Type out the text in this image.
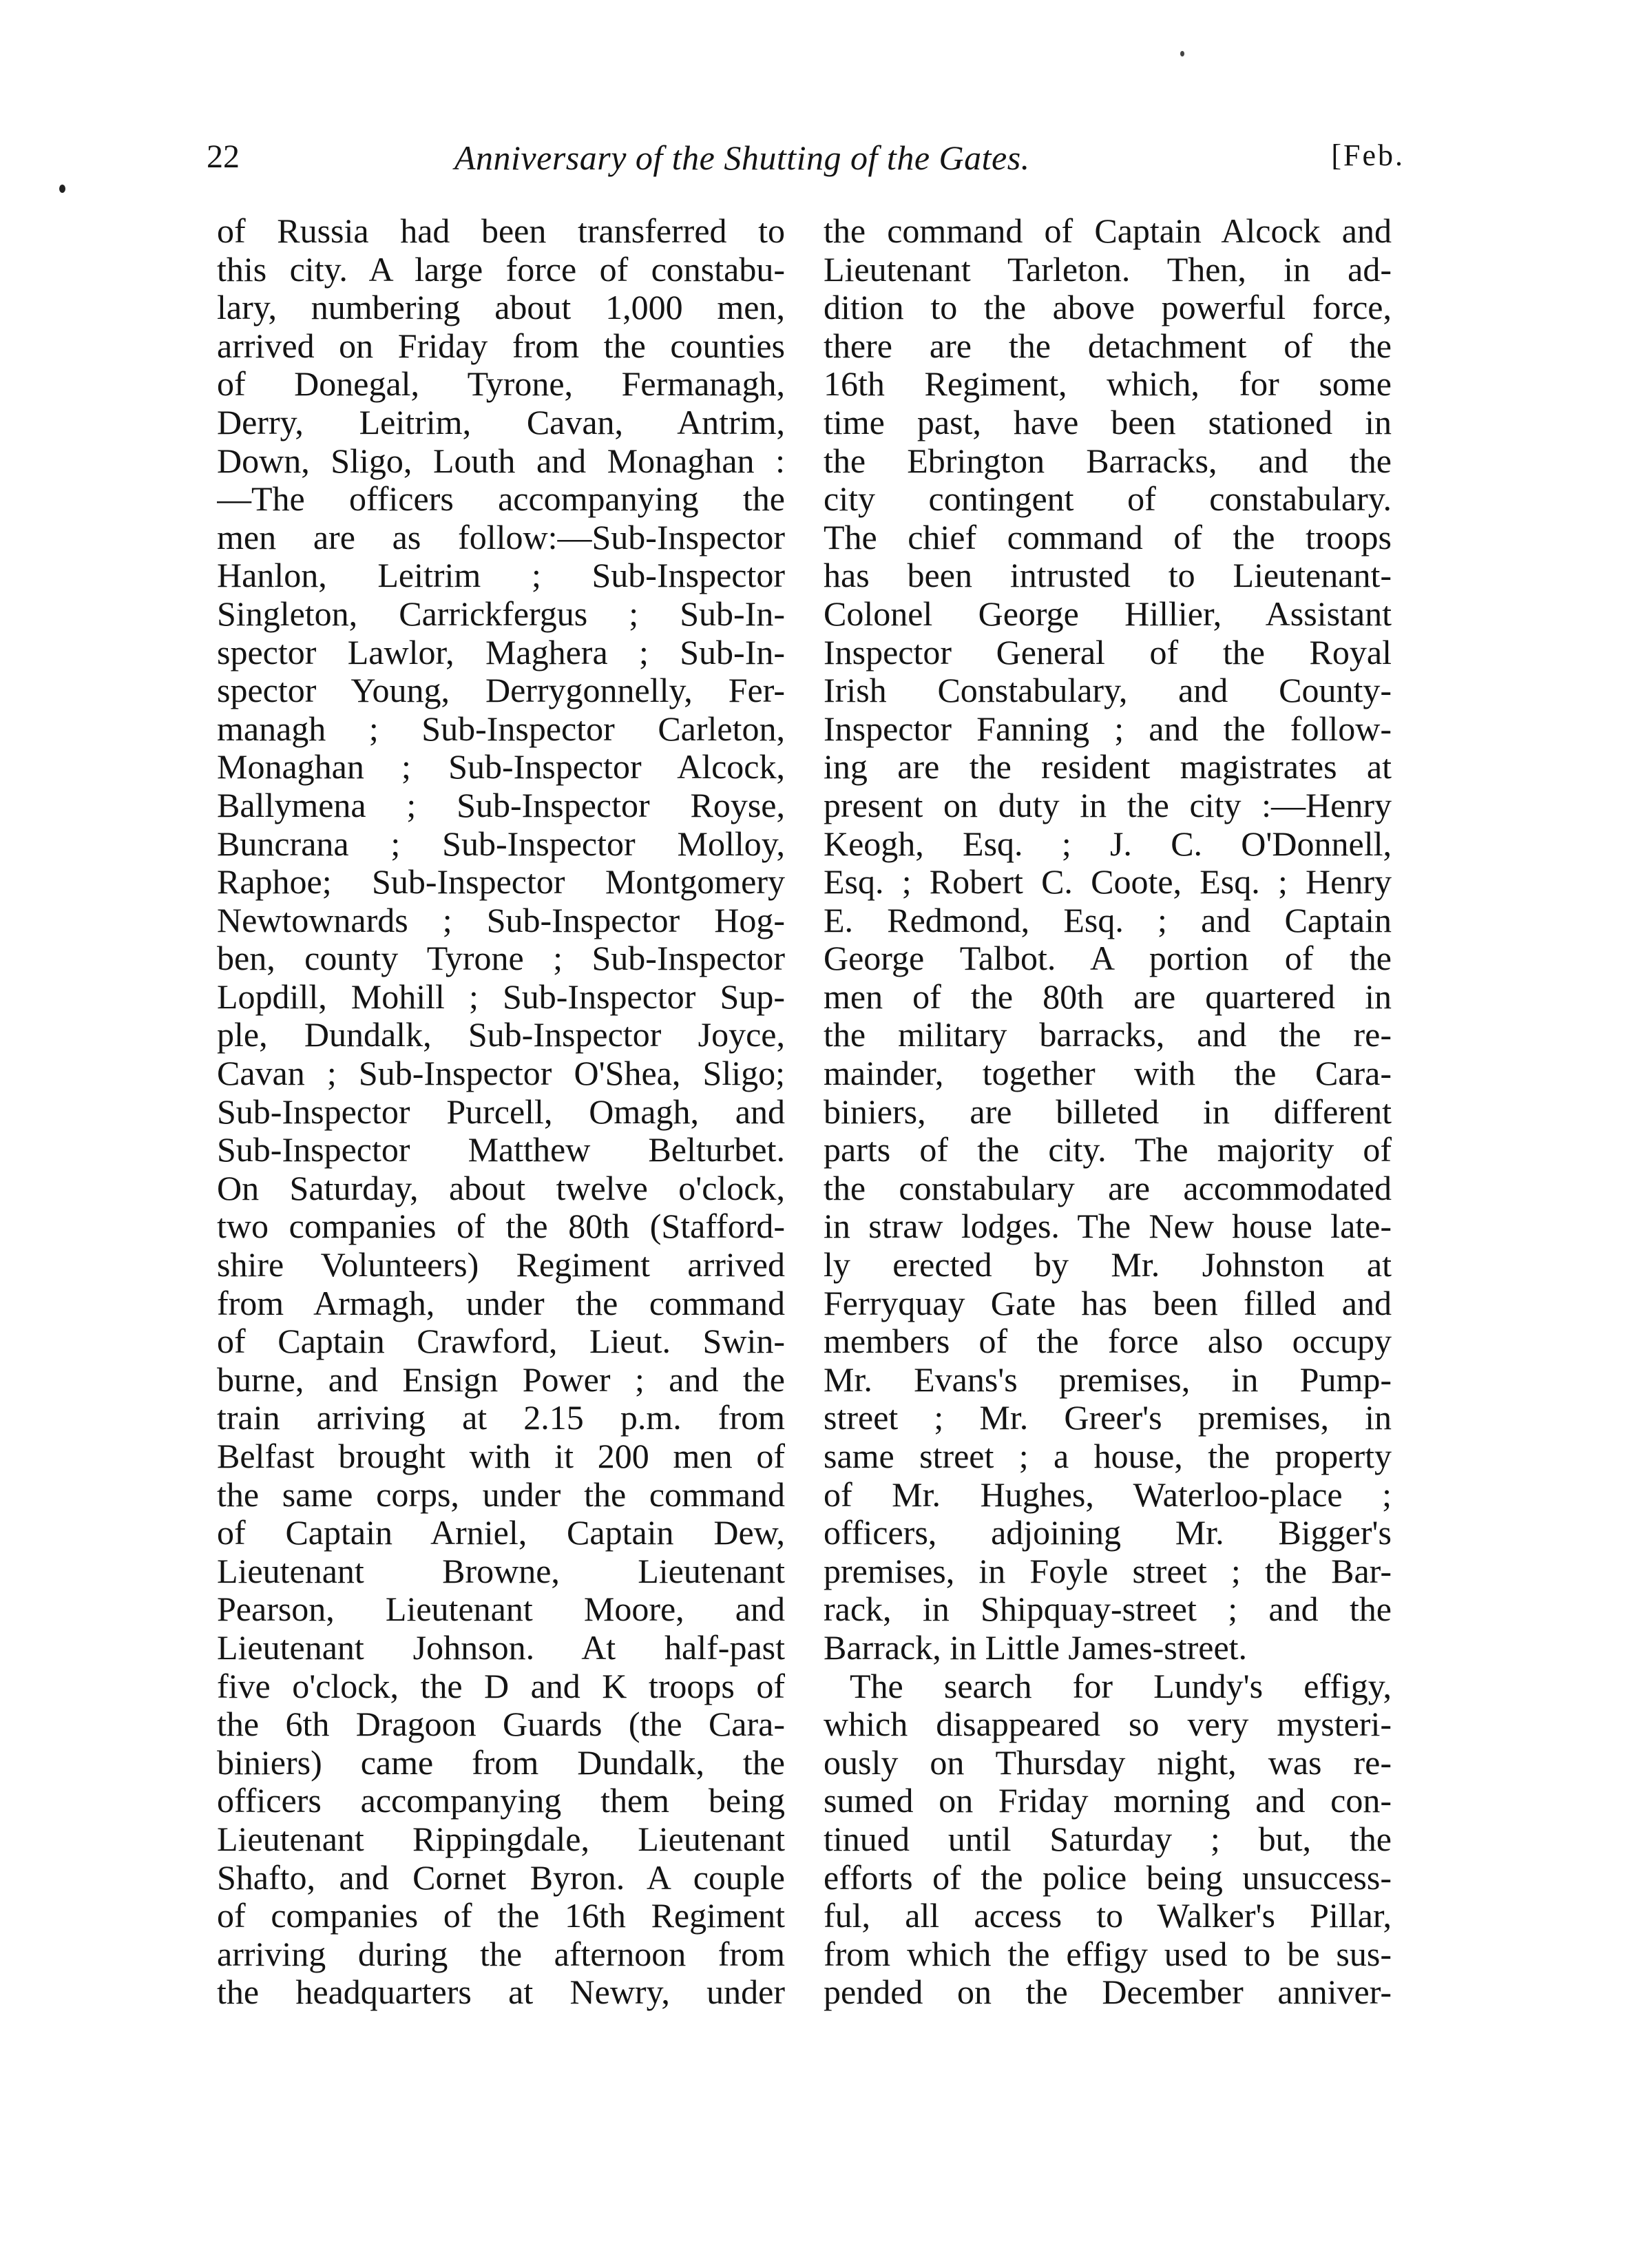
22	Anniversary of the Shutting of the Gates.	[Feb.
of Russia had been transferred to
this city. A large force of constabu-
lary, numbering about 1,000 men,
arrived on Friday from the counties
of Donegal, Tyrone, Fermanagh,
Derry, Leitrim, Cavan, Antrim,
Down, Sligo, Louth and Monaghan :
—The officers accompanying the
men are as follow:—Sub-Inspector
Hanlon, Leitrim ; Sub-Inspector
Singleton, Carrickfergus ; Sub-In-
spector Lawlor, Maghera ; Sub-In-
spector Young, Derrygonnelly, Fer-
managh ; Sub-Inspector Carleton,
Monaghan ; Sub-Inspector Alcock,
Ballymena ; Sub-Inspector Royse,
Buncrana ; Sub-Inspector Molloy,
Raphoe; Sub-Inspector Montgomery
Newtownards ; Sub-Inspector Hog-
ben, county Tyrone ; Sub-Inspector
Lopdill, Mohill ; Sub-Inspector Sup-
ple, Dundalk, Sub-Inspector Joyce,
Cavan ; Sub-Inspector O'Shea, Sligo;
Sub-Inspector Purcell, Omagh, and
Sub-Inspector Matthew Belturbet.
On Saturday, about twelve o'clock,
two companies of the 80th (Stafford-
shire Volunteers) Regiment arrived
from Armagh, under the command
of Captain Crawford, Lieut. Swin-
burne, and Ensign Power ; and the
train arriving at 2.15 p.m. from
Belfast brought with it 200 men of
the same corps, under the command
of Captain Arniel, Captain Dew,
Lieutenant Browne, Lieutenant
Pearson, Lieutenant Moore, and
Lieutenant Johnson. At half-past
five o'clock, the D and K troops of
the 6th Dragoon Guards (the Cara-
biniers) came from Dundalk, the
officers accompanying them being
Lieutenant Rippingdale, Lieutenant
Shafto, and Cornet Byron. A couple
of companies of the 16th Regiment
arriving during the afternoon from
the headquarters at Newry, under
the command of Captain Alcock and
Lieutenant Tarleton. Then, in ad-
dition to the above powerful force,
there are the detachment of the
16th Regiment, which, for some
time past, have been stationed in
the Ebrington Barracks, and the
city contingent of constabulary.
The chief command of the troops
has been intrusted to Lieutenant-
Colonel George Hillier, Assistant
Inspector General of the Royal
Irish Constabulary, and County-
Inspector Fanning ; and the follow-
ing are the resident magistrates at
present on duty in the city :—Henry
Keogh, Esq. ; J. C. O'Donnell,
Esq. ; Robert C. Coote, Esq. ; Henry
E. Redmond, Esq. ; and Captain
George Talbot. A portion of the
men of the 80th are quartered in
the military barracks, and the re-
mainder, together with the Cara-
biniers, are billeted in different
parts of the city. The majority of
the constabulary are accommodated
in straw lodges. The New house late-
ly erected by Mr. Johnston at
Ferryquay Gate has been filled and
members of the force also occupy
Mr. Evans's premises, in Pump-
street ; Mr. Greer's premises, in
same street ; a house, the property
of Mr. Hughes, Waterloo-place ;
officers, adjoining Mr. Bigger's
premises, in Foyle street ; the Bar-
rack, in Shipquay-street ; and the
Barrack, in Little James-street.
The search for Lundy's effigy,
which disappeared so very mysteri-
ously on Thursday night, was re-
sumed on Friday morning and con-
tinued until Saturday ; but, the
efforts of the police being unsuccess-
ful, all access to Walker's Pillar,
from which the effigy used to be sus-
pended on the December anniver-
